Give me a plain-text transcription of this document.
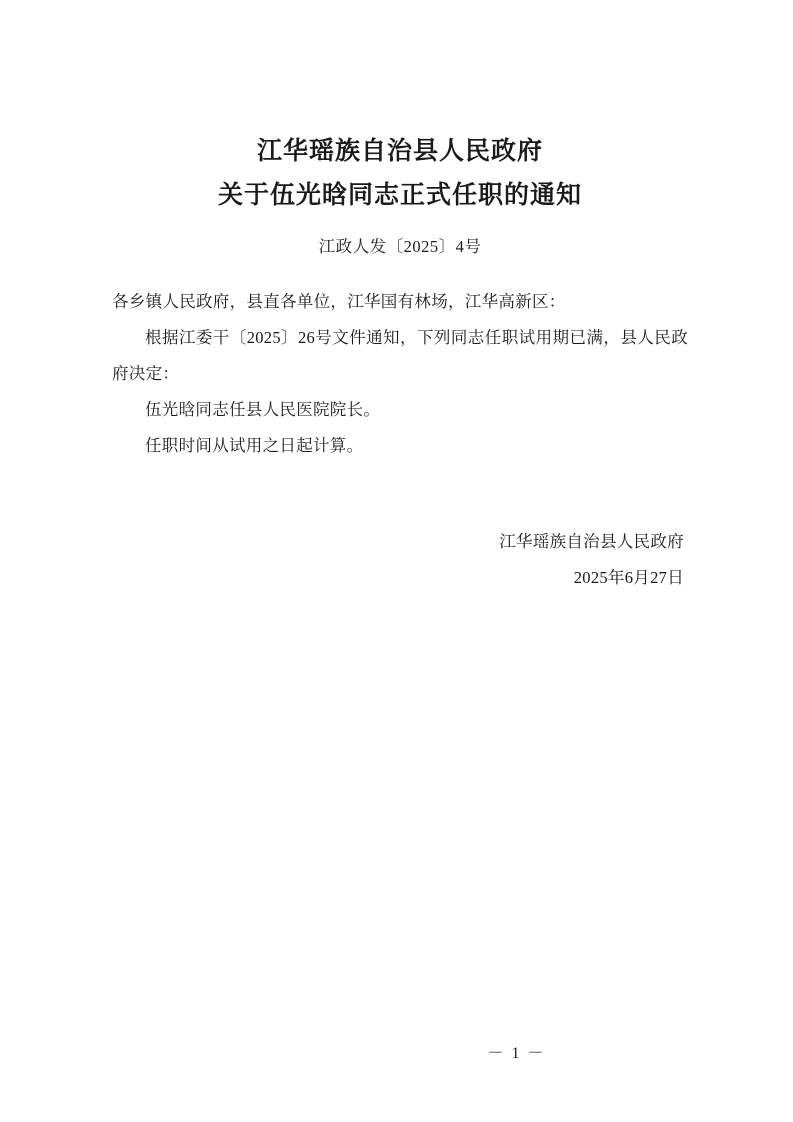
江华瑶族自治县人民政府
关于伍光晗同志正式任职的通知
江政人发〔2025〕4号
各乡镇人民政府，县直各单位，江华国有林场，江华高新区：
根据江委干〔2025〕26号文件通知，下列同志任职试用期已满，县人民政府决定：
伍光晗同志任县人民医院院长。
任职时间从试用之日起计算。
江华瑶族自治县人民政府
2025年6月27日
－ 1 －
